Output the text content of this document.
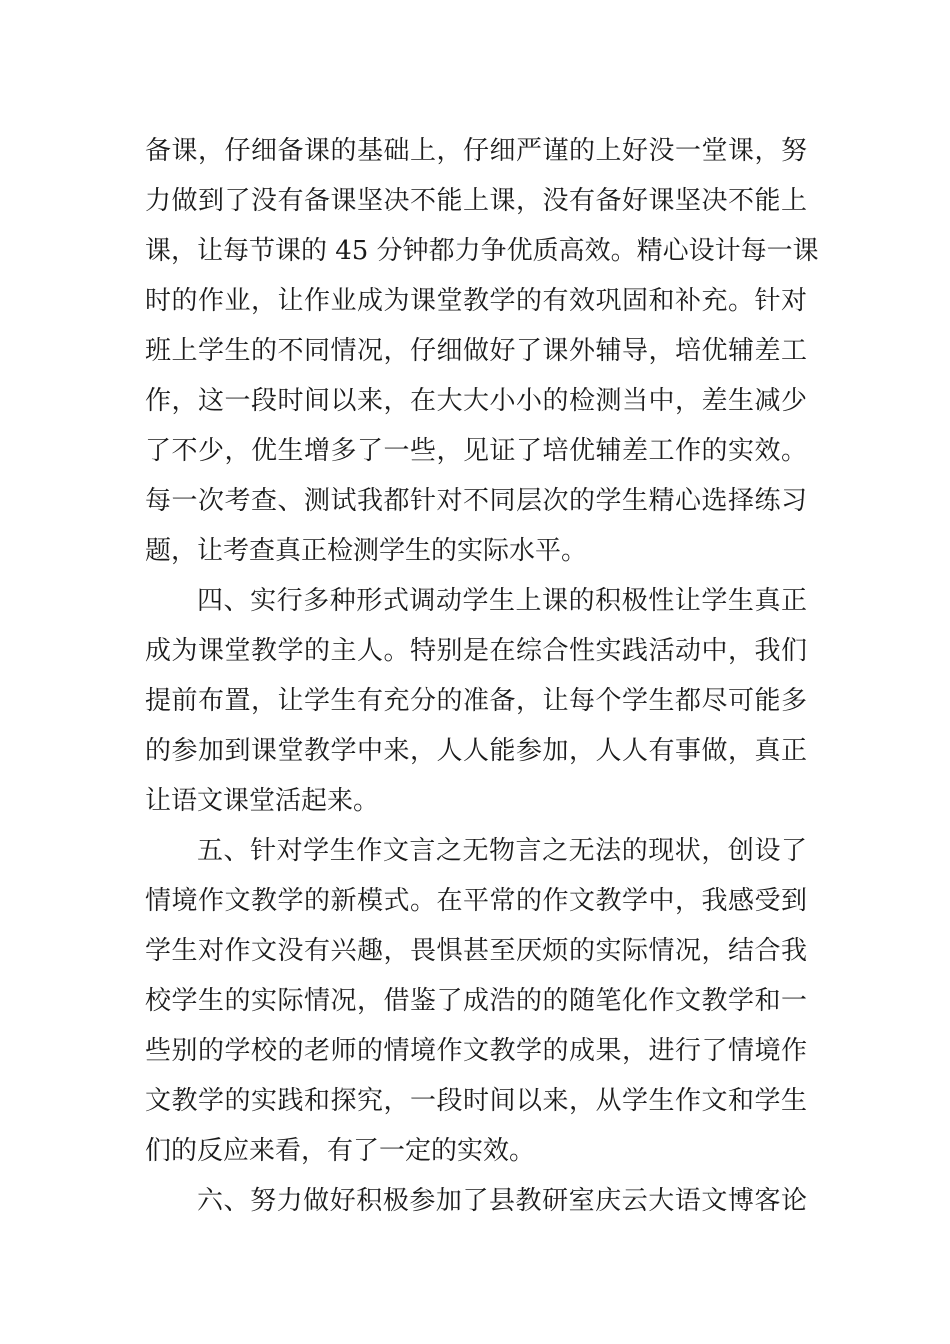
备课，仔细备课的基础上，仔细严谨的上好没一堂课，努
力做到了没有备课坚决不能上课，没有备好课坚决不能上
课，让每节课的 45 分钟都力争优质高效。精心设计每一课
时的作业，让作业成为课堂教学的有效巩固和补充。针对
班上学生的不同情况，仔细做好了课外辅导，培优辅差工
作，这一段时间以来，在大大小小的检测当中，差生减少
了不少，优生增多了一些，见证了培优辅差工作的实效。
每一次考查、测试我都针对不同层次的学生精心选择练习
题，让考查真正检测学生的实际水平。
四、实行多种形式调动学生上课的积极性让学生真正
成为课堂教学的主人。特别是在综合性实践活动中，我们
提前布置，让学生有充分的准备，让每个学生都尽可能多
的参加到课堂教学中来，人人能参加，人人有事做，真正
让语文课堂活起来。
五、针对学生作文言之无物言之无法的现状，创设了
情境作文教学的新模式。在平常的作文教学中，我感受到
学生对作文没有兴趣，畏惧甚至厌烦的实际情况，结合我
校学生的实际情况，借鉴了成浩的的随笔化作文教学和一
些别的学校的老师的情境作文教学的成果，进行了情境作
文教学的实践和探究，一段时间以来，从学生作文和学生
们的反应来看，有了一定的实效。
六、努力做好积极参加了县教研室庆云大语文博客论
